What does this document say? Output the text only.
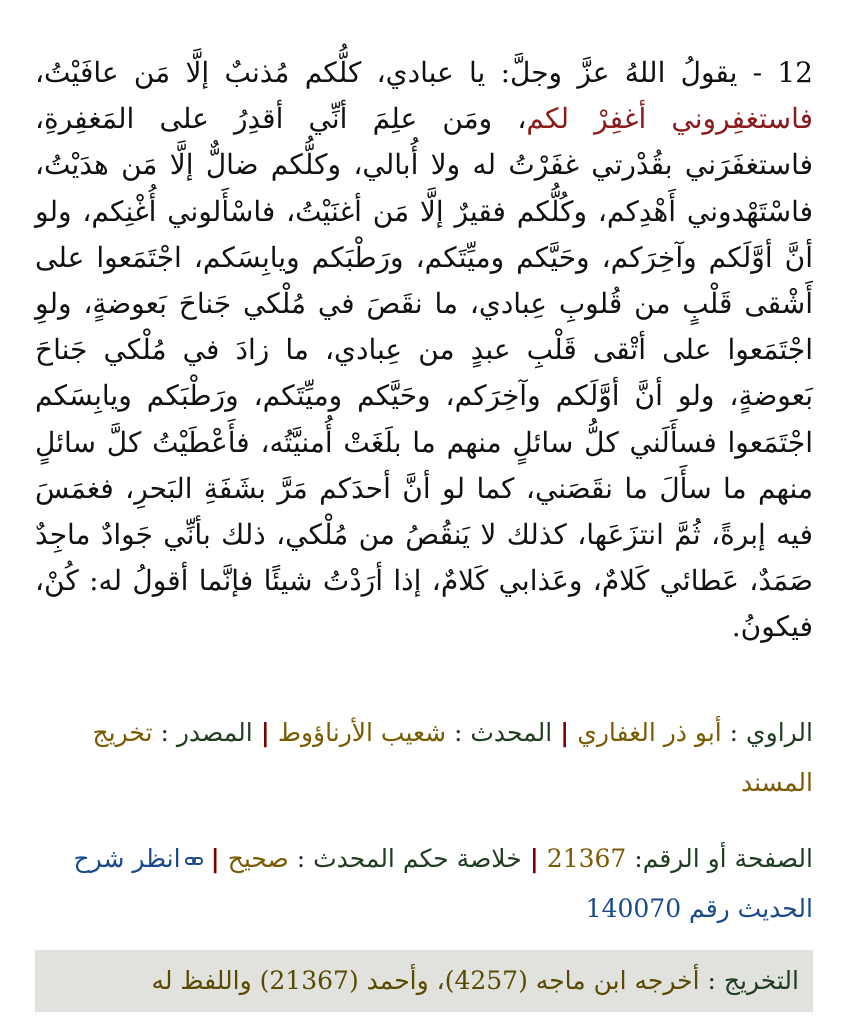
12 - يقولُ اللهُ عزَّ وجلَّ: يا عبادي، كلُّكم مُذنبٌ إلَّا مَن عافَيْتُ، فاستغفِروني أغفِرْ لكم، ومَن علِمَ أنِّي أقدِرُ على المَغفِرةِ، فاستغفَرَني بقُدْرتي غفَرْتُ له ولا أُبالي، وكلُّكم ضالٌّ إلَّا مَن هدَيْتُ، فاسْتَهْدوني أَهْدِكم، وكُلُّكم فقيرٌ إلَّا مَن أغنَيْتُ، فاسْأَلوني أُغْنِكم، ولو أنَّ أوَّلَكم وآخِرَكم، وحَيَّكم وميِّتَكم، ورَطْبَكم ويابِسَكم، اجْتَمَعوا على أَشْقى قَلْبٍ من قُلوبِ عِبادي، ما نقَصَ في مُلْكي جَناحَ بَعوضةٍ، ولوِ اجْتَمَعوا على أتْقى قَلْبِ عبدٍ من عِبادي، ما زادَ في مُلْكي جَناحَ بَعوضةٍ، ولو أنَّ أوَّلَكم وآخِرَكم، وحَيَّكم وميِّتَكم، ورَطْبَكم ويابِسَكم اجْتَمَعوا فسأَلَني كلُّ سائلٍ منهم ما بلَغَتْ أُمنيَّتُه، فأَعْطَيْتُ كلَّ سائلٍ منهم ما سأَلَ ما نقَصَني، كما لو أنَّ أحدَكم مَرَّ بشَفَةِ البَحرِ، فغمَسَ فيه إبرةً، ثُمَّ انتزَعَها، كذلك لا يَنقُصُ من مُلْكي، ذلك بأنِّي جَوادٌ ماجِدٌ صَمَدٌ، عَطائي كَلامٌ، وعَذابي كَلامٌ، إذا أرَدْتُ شيئًا فإنَّما أقولُ له: كُنْ، فيكونُ.

الراوي : أبو ذر الغفاري|المحدث : شعيب الأرناؤوط|المصدر : تخريج المسند

الصفحة أو الرقم: 21367|خلاصة حكم المحدث : صحيح|انظر شرح الحديث رقم 140070

التخريج : أخرجه ابن ماجه (4257)، وأحمد (21367) واللفظ له
